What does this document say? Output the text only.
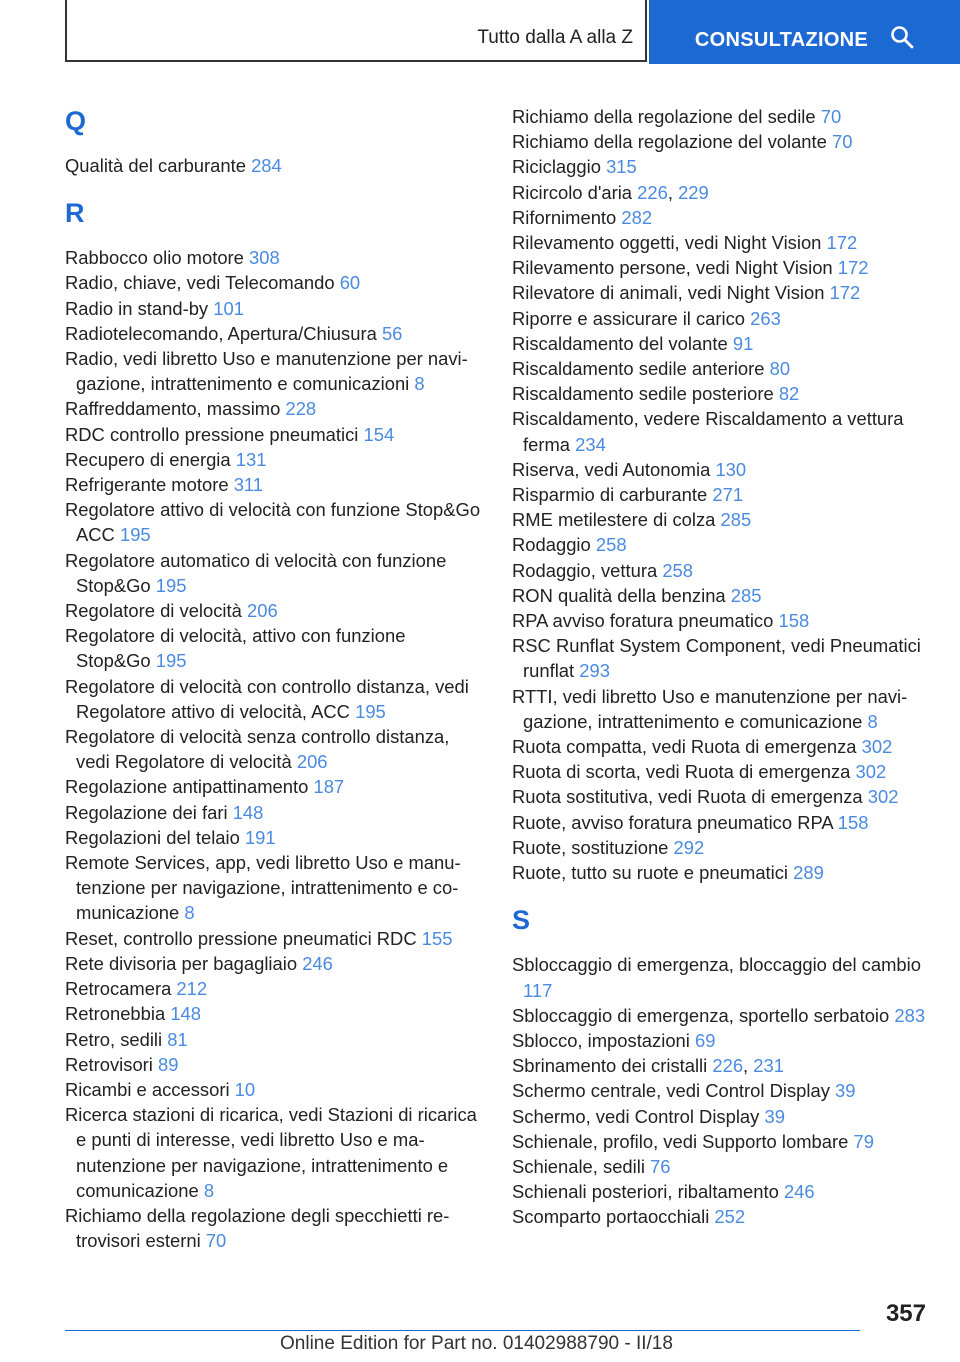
Tutto dalla A alla Z	CONSULTAZIONE
Q

Qualità del carburante 284

R

Rabbocco olio motore 308

Radio, chiave, vedi Telecomando 60

Radio in stand-by 101

Radiotelecomando, Apertura/Chiusura 56

Radio, vedi libretto Uso e manutenzione per navigazione, intrattenimento e comunicazioni 8

Raffreddamento, massimo 228

RDC controllo pressione pneumatici 154

Recupero di energia 131

Refrigerante motore 311

Regolatore attivo di velocità con funzione Stop&Go ACC 195

Regolatore automatico di velocità con funzione Stop&Go 195

Regolatore di velocità 206

Regolatore di velocità, attivo con funzione Stop&Go 195

Regolatore di velocità con controllo distanza, vedi Regolatore attivo di velocità, ACC 195

Regolatore di velocità senza controllo distanza, vedi Regolatore di velocità 206

Regolazione antipattinamento 187

Regolazione dei fari 148

Regolazioni del telaio 191

Remote Services, app, vedi libretto Uso e manutenzione per navigazione, intrattenimento e comunicazione 8

Reset, controllo pressione pneumatici RDC 155

Rete divisoria per bagagliaio 246

Retrocamera 212

Retronebbia 148

Retro, sedili 81

Retrovisori 89

Ricambi e accessori 10

Ricerca stazioni di ricarica, vedi Stazioni di ricarica e punti di interesse, vedi libretto Uso e manutenzione per navigazione, intrattenimento e comunicazione 8

Richiamo della regolazione degli specchietti retrovisori esterni 70

Richiamo della regolazione del sedile 70

Richiamo della regolazione del volante 70

Riciclaggio 315

Ricircolo d'aria 226, 229

Rifornimento 282

Rilevamento oggetti, vedi Night Vision 172

Rilevamento persone, vedi Night Vision 172

Rilevatore di animali, vedi Night Vision 172

Riporre e assicurare il carico 263

Riscaldamento del volante 91

Riscaldamento sedile anteriore 80

Riscaldamento sedile posteriore 82

Riscaldamento, vedere Riscaldamento a vettura ferma 234

Riserva, vedi Autonomia 130

Risparmio di carburante 271

RME metilestere di colza 285

Rodaggio 258

Rodaggio, vettura 258

RON qualità della benzina 285

RPA avviso foratura pneumatico 158

RSC Runflat System Component, vedi Pneumatici runflat 293

RTTI, vedi libretto Uso e manutenzione per navigazione, intrattenimento e comunicazione 8

Ruota compatta, vedi Ruota di emergenza 302

Ruota di scorta, vedi Ruota di emergenza 302

Ruota sostitutiva, vedi Ruota di emergenza 302

Ruote, avviso foratura pneumatico RPA 158

Ruote, sostituzione 292

Ruote, tutto su ruote e pneumatici 289

S

Sbloccaggio di emergenza, bloccaggio del cambio 117

Sbloccaggio di emergenza, sportello serbatoio 283

Sblocco, impostazioni 69

Sbrinamento dei cristalli 226, 231

Schermo centrale, vedi Control Display 39

Schermo, vedi Control Display 39

Schienale, profilo, vedi Supporto lombare 79

Schienale, sedili 76

Schienali posteriori, ribaltamento 246

Scomparto portaocchiali 252

357
Online Edition for Part no. 01402988790 - II/18
